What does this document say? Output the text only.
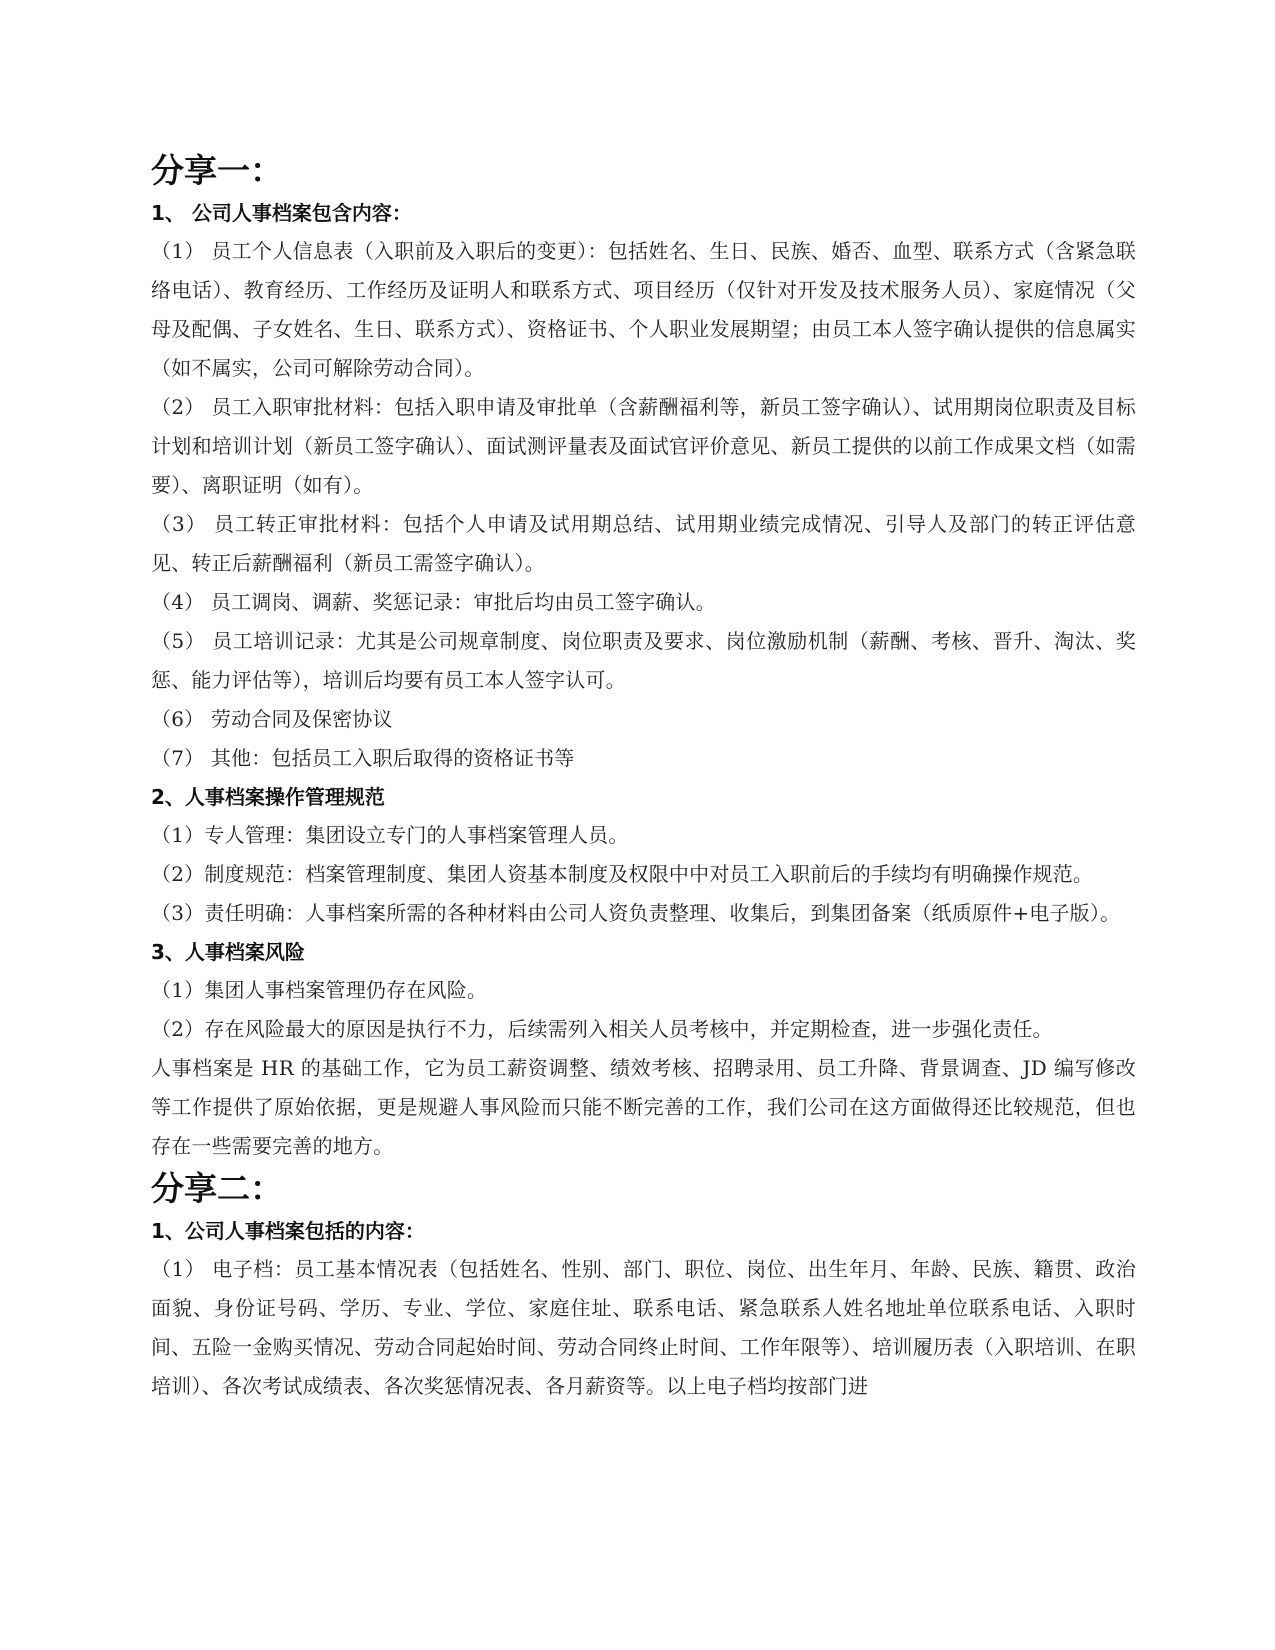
分享一：
1、 公司人事档案包含内容：

（1） 员工个人信息表（入职前及入职后的变更）：包括姓名、生日、民族、婚否、血型、联系方式（含紧急联络电话）、教育经历、工作经历及证明人和联系方式、项目经历（仅针对开发及技术服务人员）、家庭情况（父母及配偶、子女姓名、生日、联系方式）、资格证书、个人职业发展期望；由员工本人签字确认提供的信息属实（如不属实，公司可解除劳动合同）。

（2） 员工入职审批材料：包括入职申请及审批单（含薪酬福利等，新员工签字确认）、试用期岗位职责及目标计划和培训计划（新员工签字确认）、面试测评量表及面试官评价意见、新员工提供的以前工作成果文档（如需要）、离职证明（如有）。

（3） 员工转正审批材料：包括个人申请及试用期总结、试用期业绩完成情况、引导人及部门的转正评估意见、转正后薪酬福利（新员工需签字确认）。

（4） 员工调岗、调薪、奖惩记录：审批后均由员工签字确认。

（5） 员工培训记录：尤其是公司规章制度、岗位职责及要求、岗位激励机制（薪酬、考核、晋升、淘汰、奖惩、能力评估等），培训后均要有员工本人签字认可。

（6） 劳动合同及保密协议

（7） 其他：包括员工入职后取得的资格证书等

2、人事档案操作管理规范

（1）专人管理：集团设立专门的人事档案管理人员。

（2）制度规范：档案管理制度、集团人资基本制度及权限中中对员工入职前后的手续均有明确操作规范。

（3）责任明确：人事档案所需的各种材料由公司人资负责整理、收集后，到集团备案（纸质原件+电子版）。

3、人事档案风险

（1）集团人事档案管理仍存在风险。

（2）存在风险最大的原因是执行不力，后续需列入相关人员考核中，并定期检查，进一步强化责任。

人事档案是 HR 的基础工作，它为员工薪资调整、绩效考核、招聘录用、员工升降、背景调查、JD 编写修改等工作提供了原始依据，更是规避人事风险而只能不断完善的工作，我们公司在这方面做得还比较规范，但也存在一些需要完善的地方。

分享二：
1、公司人事档案包括的内容：

（1） 电子档：员工基本情况表（包括姓名、性别、部门、职位、岗位、出生年月、年龄、民族、籍贯、政治面貌、身份证号码、学历、专业、学位、家庭住址、联系电话、紧急联系人姓名地址单位联系电话、入职时间、五险一金购买情况、劳动合同起始时间、劳动合同终止时间、工作年限等）、培训履历表（入职培训、在职培训）、各次考试成绩表、各次奖惩情况表、各月薪资等。以上电子档均按部门进
